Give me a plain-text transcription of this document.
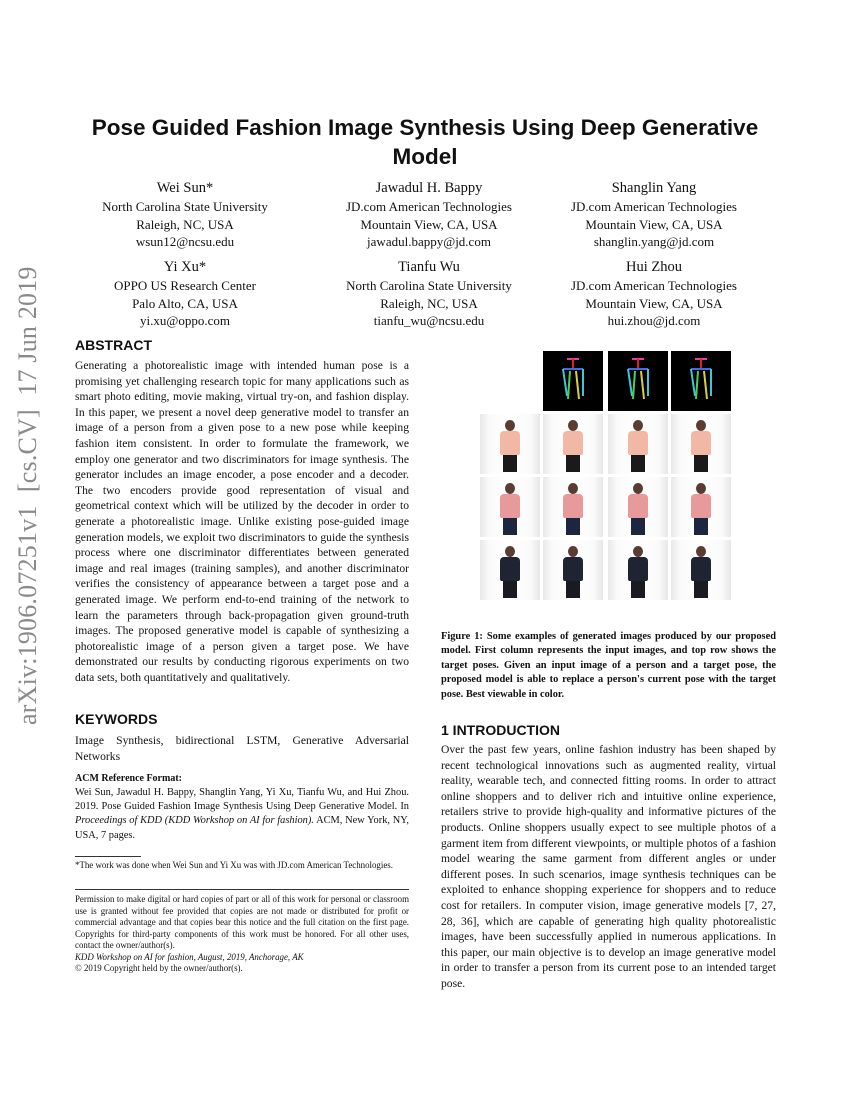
arXiv:1906.07251v1  [cs.CV]  17 Jun 2019
Pose Guided Fashion Image Synthesis Using Deep Generative Model
Wei Sun*
North Carolina State University
Raleigh, NC, USA
wsun12@ncsu.edu
Jawadul H. Bappy
JD.com American Technologies
Mountain View, CA, USA
jawadul.bappy@jd.com
Shanglin Yang
JD.com American Technologies
Mountain View, CA, USA
shanglin.yang@jd.com
Yi Xu*
OPPO US Research Center
Palo Alto, CA, USA
yi.xu@oppo.com
Tianfu Wu
North Carolina State University
Raleigh, NC, USA
tianfu_wu@ncsu.edu
Hui Zhou
JD.com American Technologies
Mountain View, CA, USA
hui.zhou@jd.com
ABSTRACT
Generating a photorealistic image with intended human pose is a promising yet challenging research topic for many applications such as smart photo editing, movie making, virtual try-on, and fashion display. In this paper, we present a novel deep generative model to transfer an image of a person from a given pose to a new pose while keeping fashion item consistent. In order to formulate the framework, we employ one generator and two discriminators for image synthesis. The generator includes an image encoder, a pose encoder and a decoder. The two encoders provide good representation of visual and geometrical context which will be utilized by the decoder in order to generate a photorealistic image. Unlike existing pose-guided image generation models, we exploit two discriminators to guide the synthesis process where one discriminator differentiates between generated image and real images (training samples), and another discriminator verifies the consistency of appearance between a target pose and a generated image. We perform end-to-end training of the network to learn the parameters through back-propagation given ground-truth images. The proposed generative model is capable of synthesizing a photorealistic image of a person given a target pose. We have demonstrated our results by conducting rigorous experiments on two data sets, both quantitatively and qualitatively.
KEYWORDS
Image Synthesis, bidirectional LSTM, Generative Adversarial Networks
ACM Reference Format:
Wei Sun, Jawadul H. Bappy, Shanglin Yang, Yi Xu, Tianfu Wu, and Hui Zhou. 2019. Pose Guided Fashion Image Synthesis Using Deep Generative Model. In Proceedings of KDD (KDD Workshop on AI for fashion). ACM, New York, NY, USA, 7 pages.
*The work was done when Wei Sun and Yi Xu was with JD.com American Technologies.
Permission to make digital or hard copies of part or all of this work for personal or classroom use is granted without fee provided that copies are not made or distributed for profit or commercial advantage and that copies bear this notice and the full citation on the first page. Copyrights for third-party components of this work must be honored. For all other uses, contact the owner/author(s).
KDD Workshop on AI for fashion, August, 2019, Anchorage, AK
© 2019 Copyright held by the owner/author(s).
Figure 1: Some examples of generated images produced by our proposed model. First column represents the input images, and top row shows the target poses. Given an input image of a person and a target pose, the proposed model is able to replace a person's current pose with the target pose. Best viewable in color.
1 INTRODUCTION
Over the past few years, online fashion industry has been shaped by recent technological innovations such as augmented reality, virtual reality, wearable tech, and connected fitting rooms. In order to attract online shoppers and to deliver rich and intuitive online experience, retailers strive to provide high-quality and informative pictures of the products. Online shoppers usually expect to see multiple photos of a garment item from different viewpoints, or multiple photos of a fashion model wearing the same garment from different angles or under different poses. In such scenarios, image synthesis techniques can be exploited to enhance shopping experience for shoppers and to reduce cost for retailers. In computer vision, image generative models [7, 27, 28, 36], which are capable of generating high quality photorealistic images, have been successfully applied in numerous applications. In this paper, our main objective is to develop an image generative model in order to transfer a person from its current pose to an intended target pose.
